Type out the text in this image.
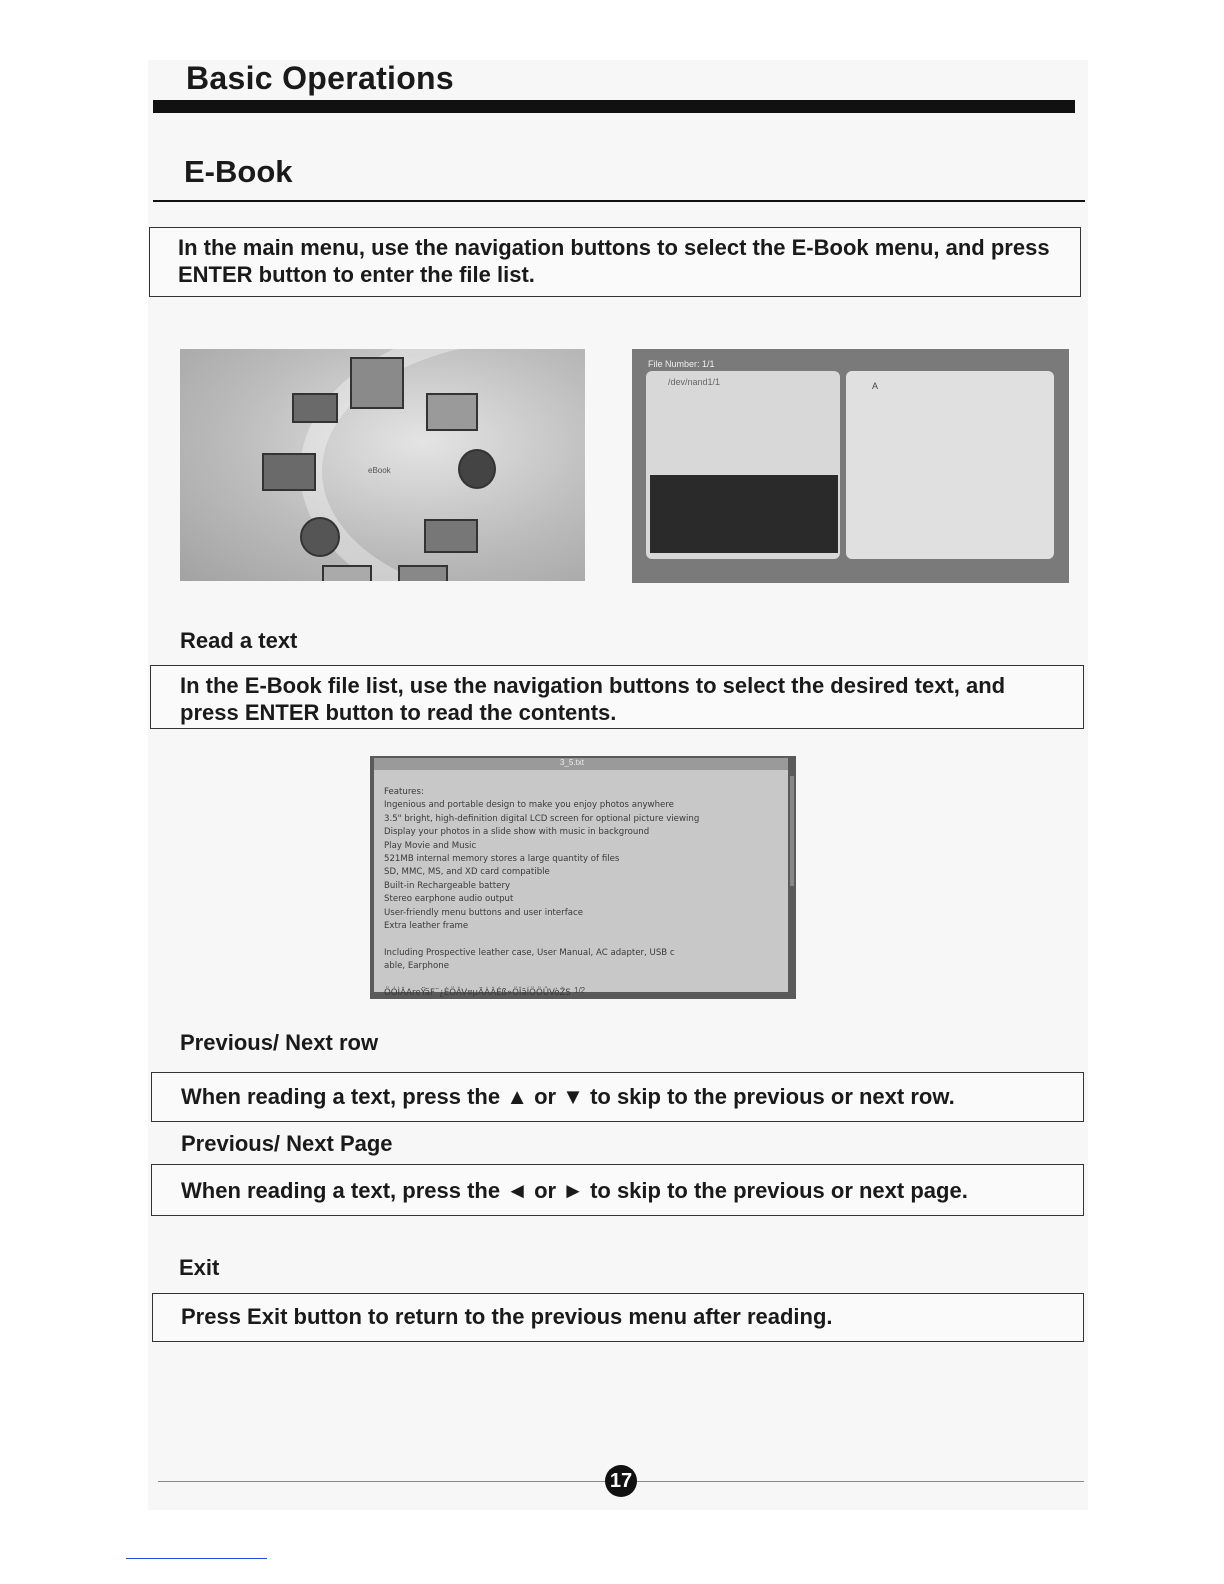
Basic Operations
E-Book
In the main menu, use the navigation buttons to select the E-Book menu, and press ENTER button to enter the file list.
eBook
File Number: 1/1
/dev/nand1/1	A
Read a text
In the E-Book file list, use the navigation buttons to select the desired text, and press ENTER button to read the contents.
3_5.txt
Features:
Ingenious and portable design to make you enjoy photos anywhere
3.5" bright, high-definition digital LCD screen for optional picture viewing
Display your photos in a slide show with music in background
Play Movie and Music
521MB internal memory stores a large quantity of files
SD, MMC, MS, and XD card compatible
Built-in Rechargeable battery
Stereo earphone audio output
User-friendly menu buttons and user interface
Extra leather frame

Including Prospective leather case, User Manual, AC adapter, USB c
able, Earphone

ÖÓÌÂAreŸäF¨¿ÈÖÂV¤µÄÀÂÉß»ÖÎãÍÖÖÛVòŽS 1/2
Previous/ Next row
When reading a text, press the ▲ or ▼ to skip to the previous or next row.
Previous/ Next Page
When reading a text, press the ◄ or ► to skip to the previous or next page.
Exit
Press Exit button to return to the previous menu after reading.
17
